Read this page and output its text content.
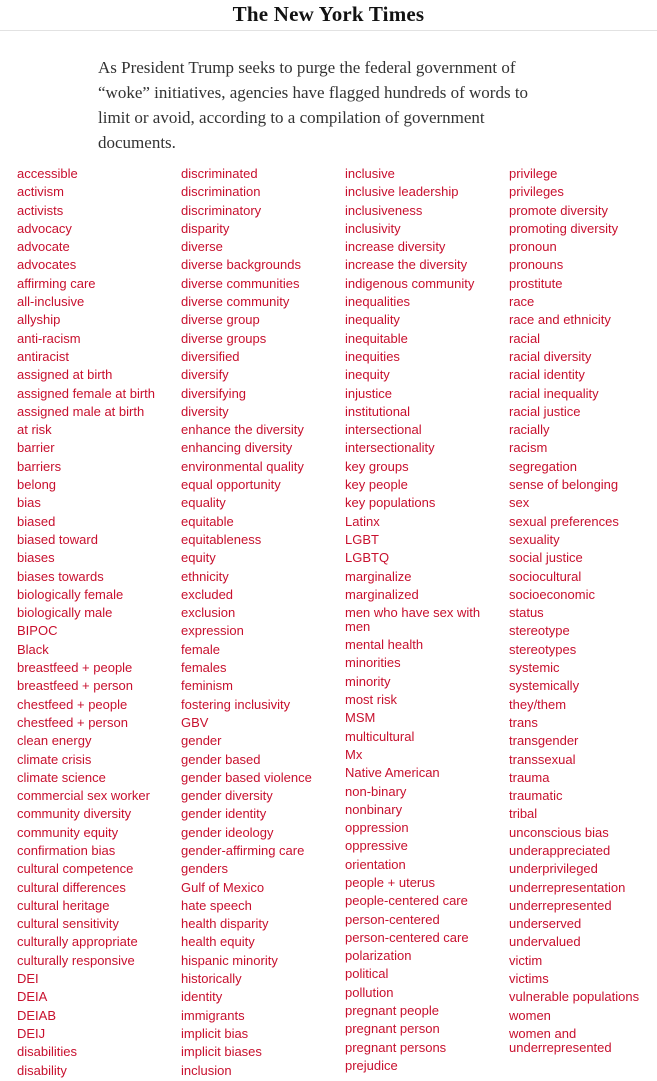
The New York Times

As President Trump seeks to purge the federal government of “woke” initiatives, agencies have flagged hundreds of words to limit or avoid, according to a compilation of government documents.

accessible
activism
activists
advocacy
advocate
advocates
affirming care
all-inclusive
allyship
anti-racism
antiracist
assigned at birth
assigned female at birth
assigned male at birth
at risk
barrier
barriers
belong
bias
biased
biased toward
biases
biases towards
biologically female
biologically male
BIPOC
Black
breastfeed + people
breastfeed + person
chestfeed + people
chestfeed + person
clean energy
climate crisis
climate science
commercial sex worker
community diversity
community equity
confirmation bias
cultural competence
cultural differences
cultural heritage
cultural sensitivity
culturally appropriate
culturally responsive
DEI
DEIA
DEIAB
DEIJ
disabilities
disability
discriminated
discrimination
discriminatory
disparity
diverse
diverse backgrounds
diverse communities
diverse community
diverse group
diverse groups
diversified
diversify
diversifying
diversity
enhance the diversity
enhancing diversity
environmental quality
equal opportunity
equality
equitable
equitableness
equity
ethnicity
excluded
exclusion
expression
female
females
feminism
fostering inclusivity
GBV
gender
gender based
gender based violence
gender diversity
gender identity
gender ideology
gender-affirming care
genders
Gulf of Mexico
hate speech
health disparity
health equity
hispanic minority
historically
identity
immigrants
implicit bias
implicit biases
inclusion
inclusive
inclusive leadership
inclusiveness
inclusivity
increase diversity
increase the diversity
indigenous community
inequalities
inequality
inequitable
inequities
inequity
injustice
institutional
intersectional
intersectionality
key groups
key people
key populations
Latinx
LGBT
LGBTQ
marginalize
marginalized
men who have sex with men
mental health
minorities
minority
most risk
MSM
multicultural
Mx
Native American
non-binary
nonbinary
oppression
oppressive
orientation
people + uterus
people-centered care
person-centered
person-centered care
polarization
political
pollution
pregnant people
pregnant person
pregnant persons
prejudice
privilege
privileges
promote diversity
promoting diversity
pronoun
pronouns
prostitute
race
race and ethnicity
racial
racial diversity
racial identity
racial inequality
racial justice
racially
racism
segregation
sense of belonging
sex
sexual preferences
sexuality
social justice
sociocultural
socioeconomic
status
stereotype
stereotypes
systemic
systemically
they/them
trans
transgender
transsexual
trauma
traumatic
tribal
unconscious bias
underappreciated
underprivileged
underrepresentation
underrepresented
underserved
undervalued
victim
victims
vulnerable populations
women
women and underrepresented
